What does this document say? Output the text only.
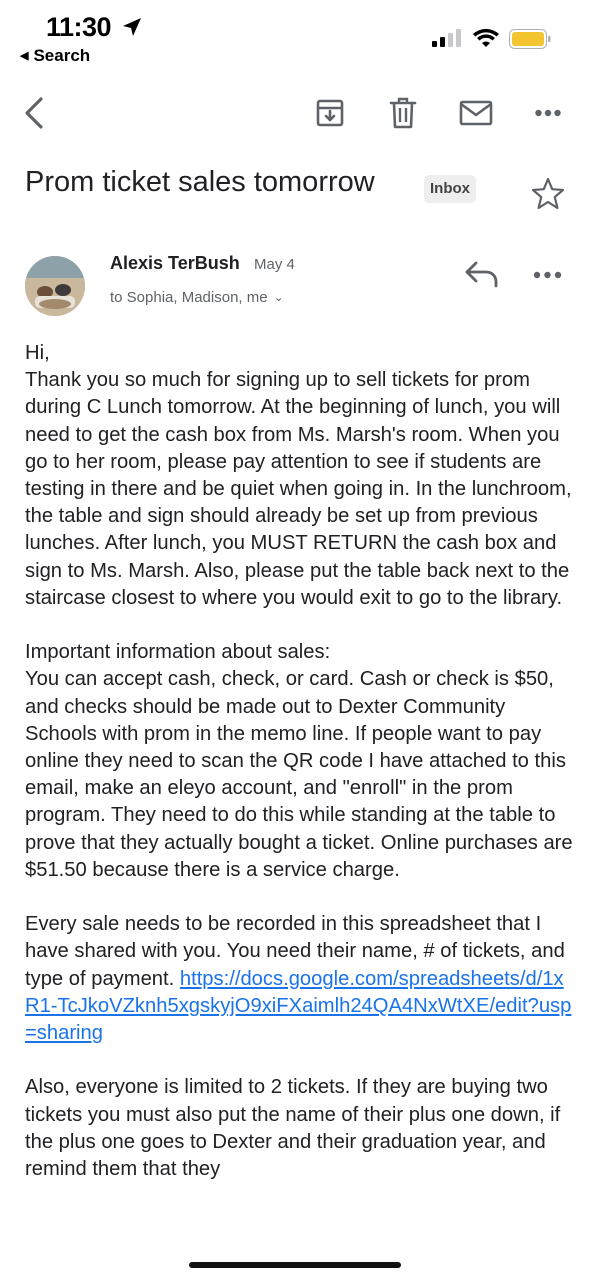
11:30
◀ Search
Prom ticket sales tomorrow	Inbox
Alexis TerBush May 4
to Sophia, Madison, me ⌄

Hi,

Thank you so much for signing up to sell tickets for prom during C Lunch tomorrow. At the beginning of lunch, you will need to get the cash box from Ms. Marsh's room. When you go to her room, please pay attention to see if students are testing in there and be quiet when going in. In the lunchroom, the table and sign should already be set up from previous lunches. After lunch, you MUST RETURN the cash box and sign to Ms. Marsh. Also, please put the table back next to the staircase closest to where you would exit to go to the library.

Important information about sales:
You can accept cash, check, or card. Cash or check is $50, and checks should be made out to Dexter Community Schools with prom in the memo line. If people want to pay online they need to scan the QR code I have attached to this email, make an eleyo account, and "enroll" in the prom program. They need to do this while standing at the table to prove that they actually bought a ticket. Online purchases are $51.50 because there is a service charge.

Every sale needs to be recorded in this spreadsheet that I have shared with you. You need their name, # of tickets, and type of payment. https://docs.google.com/spreadsheets/d/1xR1-TcJkoVZknh5xgskyjO9xiFXaimlh24QA4NxWtXE/edit?usp=sharing

Also, everyone is limited to 2 tickets. If they are buying two tickets you must also put the name of their plus one down, if the plus one goes to Dexter and their graduation year, and remind them that they
